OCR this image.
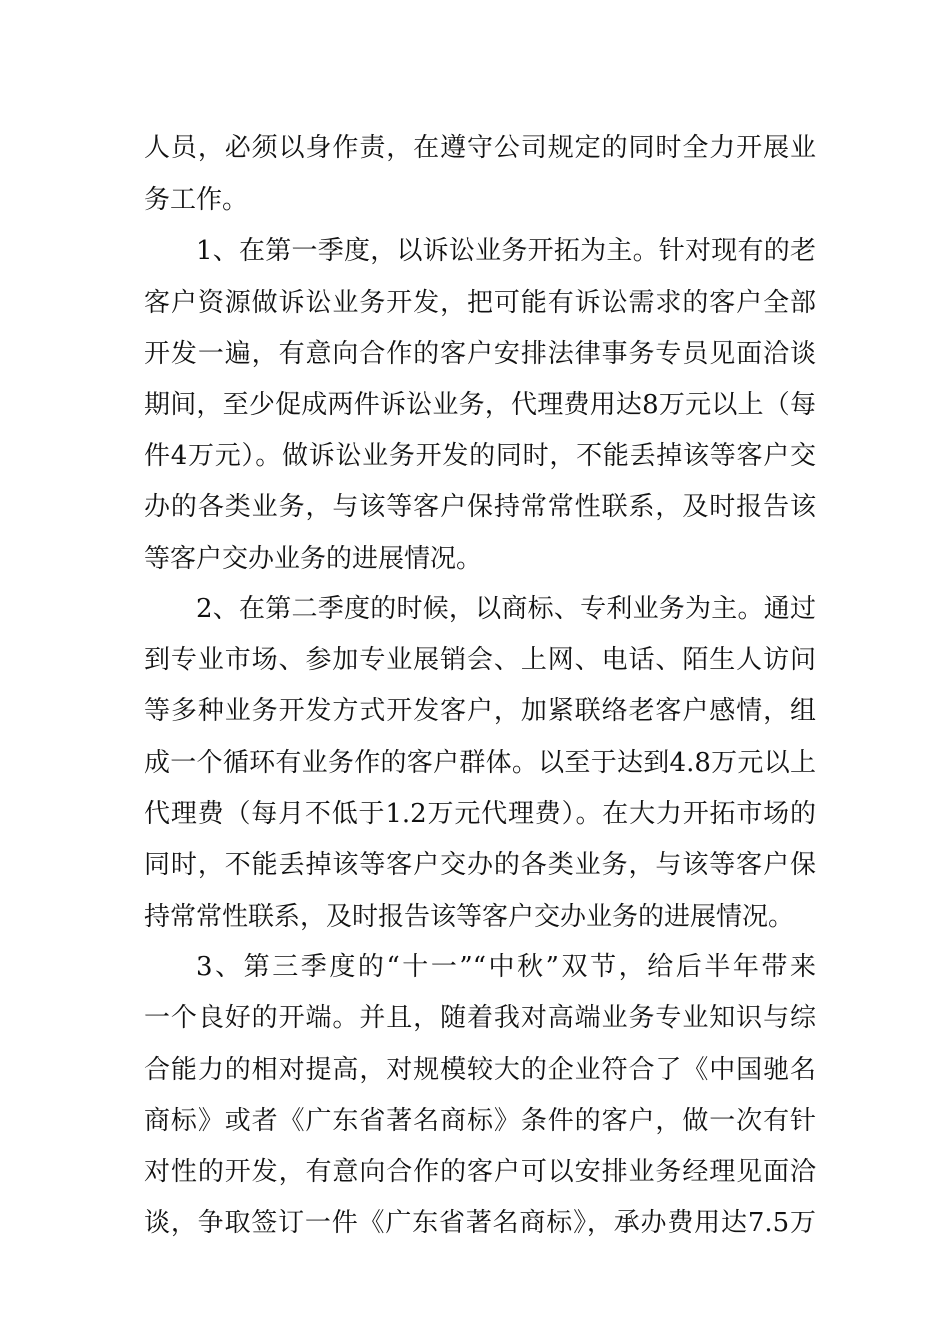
人员，必须以身作责，在遵守公司规定的同时全力开展业
务工作。
1、在第一季度，以诉讼业务开拓为主。针对现有的老
客户资源做诉讼业务开发，把可能有诉讼需求的客户全部
开发一遍，有意向合作的客户安排法律事务专员见面洽谈
期间，至少促成两件诉讼业务，代理费用达8万元以上（每
件4万元）。做诉讼业务开发的同时，不能丢掉该等客户交
办的各类业务，与该等客户保持常常性联系，及时报告该
等客户交办业务的进展情况。
2、在第二季度的时候，以商标、专利业务为主。通过
到专业市场、参加专业展销会、上网、电话、陌生人访问
等多种业务开发方式开发客户，加紧联络老客户感情，组
成一个循环有业务作的客户群体。以至于达到4.8万元以上
代理费（每月不低于1.2万元代理费）。在大力开拓市场的
同时，不能丢掉该等客户交办的各类业务，与该等客户保
持常常性联系，及时报告该等客户交办业务的进展情况。
3、第三季度的“十一”“中秋”双节，给后半年带来
一个良好的开端。并且，随着我对高端业务专业知识与综
合能力的相对提高，对规模较大的企业符合了《中国驰名
商标》或者《广东省著名商标》条件的客户，做一次有针
对性的开发，有意向合作的客户可以安排业务经理见面洽
谈，争取签订一件《广东省著名商标》，承办费用达7.5万
